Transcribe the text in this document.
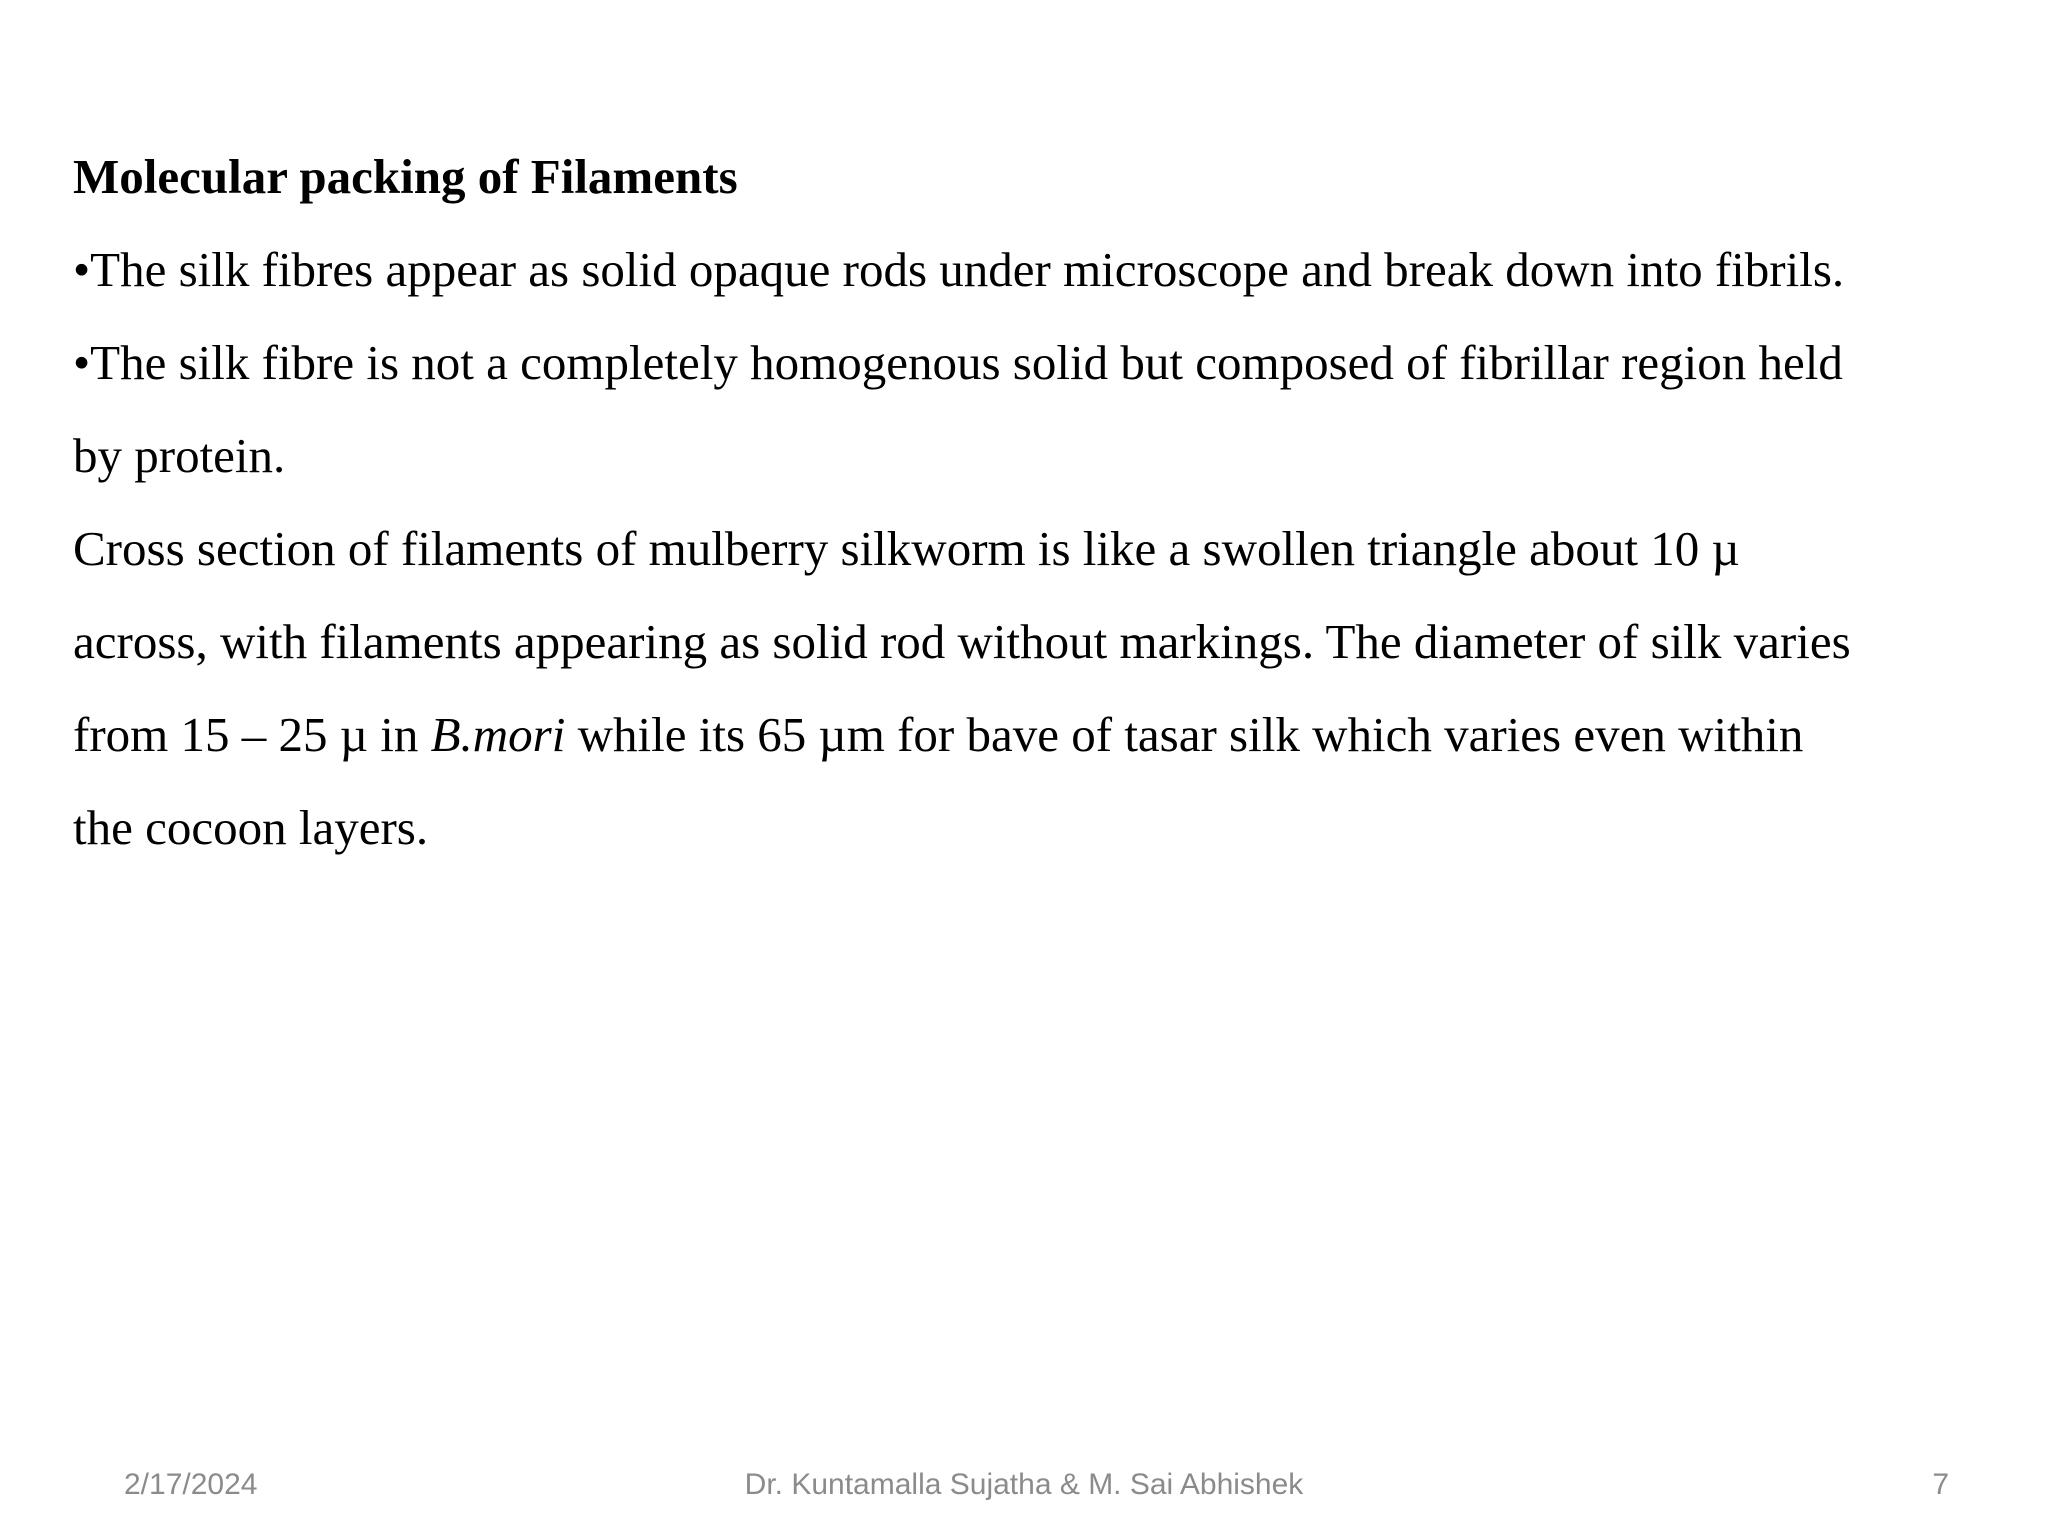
Molecular packing of Filaments

•The silk fibres appear as solid opaque rods under microscope and break down into fibrils.

•The silk fibre is not a completely homogenous solid but composed of fibrillar region held

by protein.

Cross section of filaments of mulberry silkworm is like a swollen triangle about 10 µ

across, with filaments appearing as solid rod without markings. The diameter of silk varies

from 15 – 25 µ in B.mori while its 65 µm for bave of tasar silk which varies even within

the cocoon layers.

2/17/2024	Dr. Kuntamalla Sujatha & M. Sai Abhishek	7
